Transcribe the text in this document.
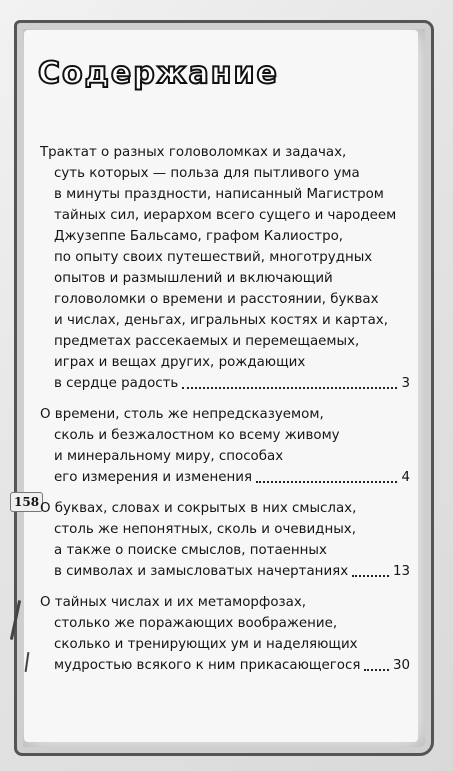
158
Содержание
Трактат о разных головоломках и задачах,
суть которых — польза для пытливого ума
в минуты праздности, написанный Магистром
тайных сил, иерархом всего сущего и чародеем
Джузеппе Бальсамо, графом Калиостро,
по опыту своих путешествий, многотрудных
опытов и размышлений и включающий
головоломки о времени и расстоянии, буквах
и числах, деньгах, игральных костях и картах,
предметах рассекаемых и перемещаемых,
играх и вещах других, рождающих
в сердце радость	3
О времени, столь же непредсказуемом,
сколь и безжалостном ко всему живому
и минеральному миру, способах
его измерения и изменения	4
О буквах, словах и сокрытых в них смыслах,
столь же непонятных, сколь и очевидных,
а также о поиске смыслов, потаенных
в символах и замысловатых начертаниях	13
О тайных числах и их метаморфозах,
столько же поражающих воображение,
сколько и тренирующих ум и наделяющих
мудростью всякого к ним прикасающегося 30
